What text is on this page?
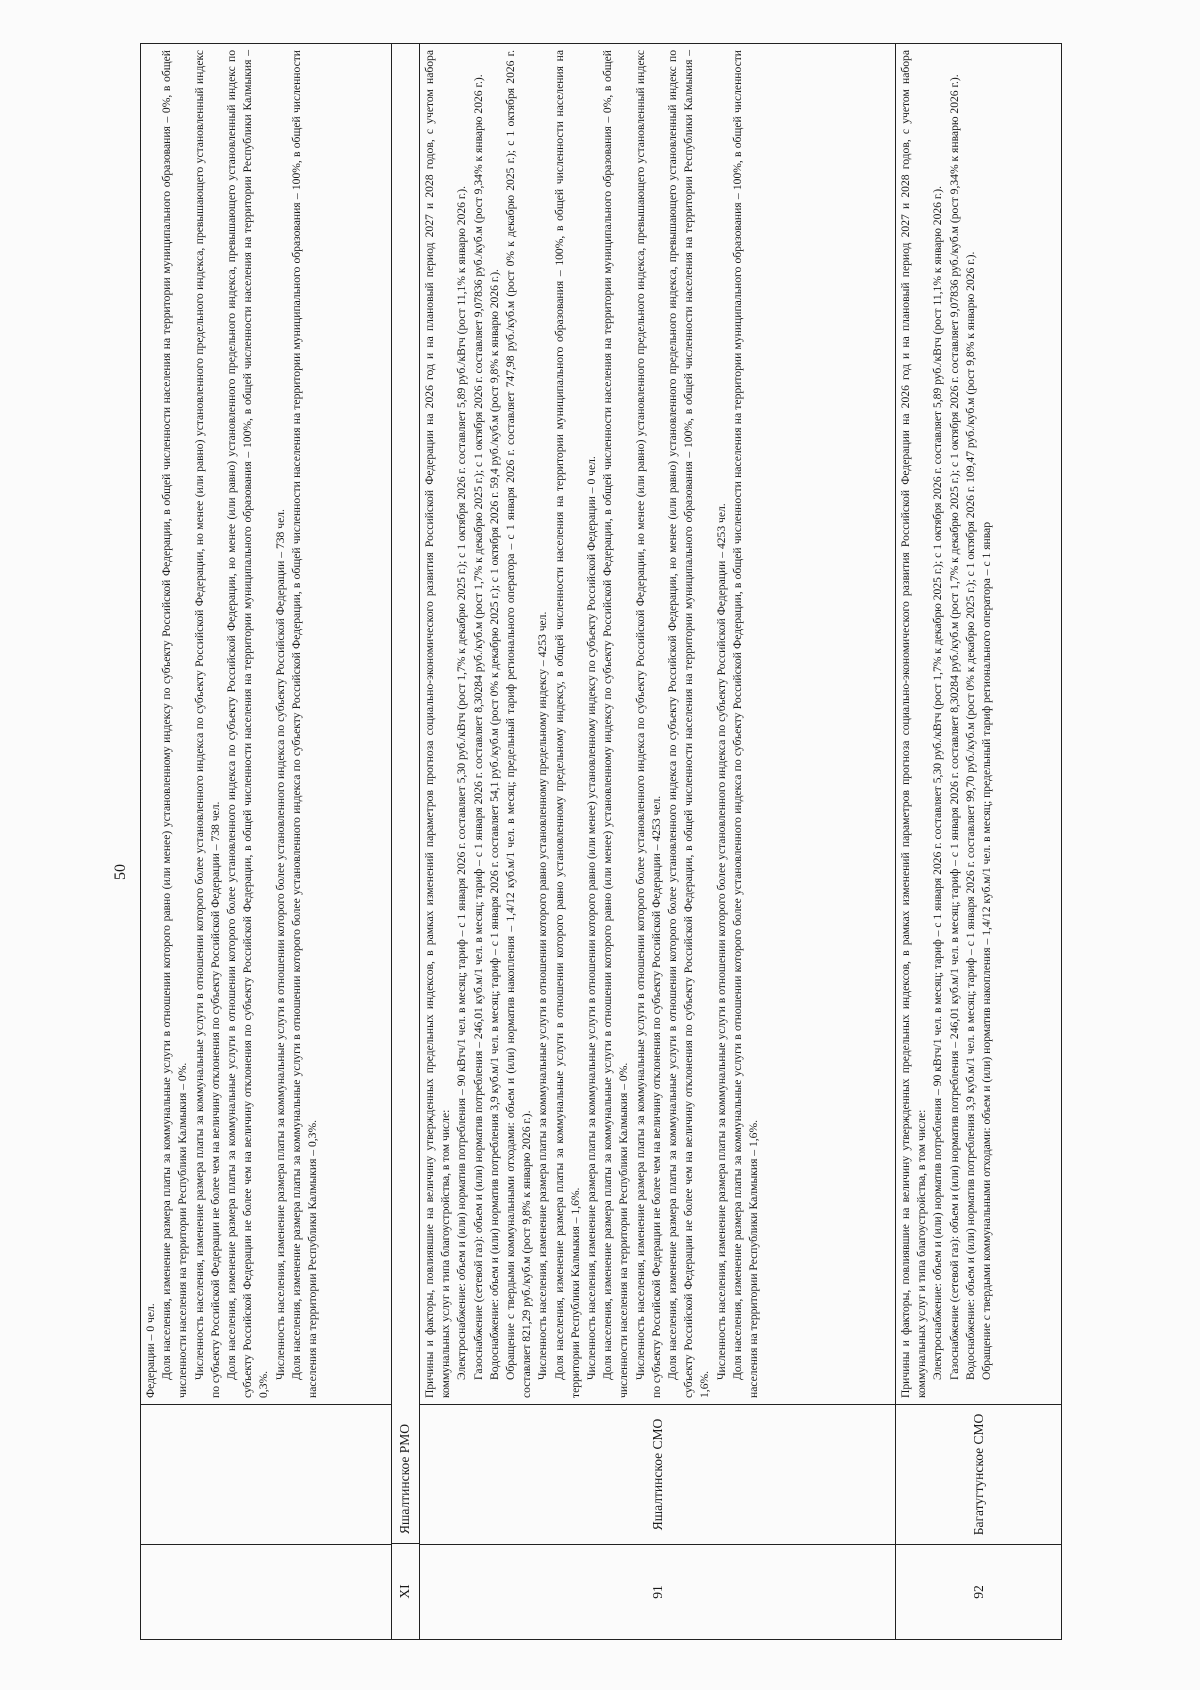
50

Федерации – 0 чел. Доля населения, изменение размера платы за коммунальные услуги в отношении которого равно (или менее) установленному индексу по субъекту Российской Федерации, в общей численности населения на территории муниципального образования – 0%, в общей численности населения на территории Республики Калмыкия – 0%. Численность населения, изменение размера платы за коммунальные услуги в отношении которого более установленного индекса по субъекту Российской Федерации, но менее (или равно) установленного предельного индекса, превышающего установленный индекс по субъекту Российской Федерации не более чем на величину отклонения по субъекту Российской Федерации – 738 чел. Доля населения, изменение размера платы за коммунальные услуги в отношении которого более установленного индекса по субъекту Российской Федерации, но менее (или равно) установленного предельного индекса, превышающего установленный индекс по субъекту Российской Федерации не более чем на величину отклонения по субъекту Российской Федерации, в общей численности населения на территории муниципального образования – 100%, в общей численности населения на территории Республики Калмыкия – 0,3%.

Численность населения, изменение размера платы за коммунальные услуги в отношении которого более установленного индекса по субъекту Российской Федерации – 738 чел. Доля населения, изменение размера платы за коммунальные услуги в отношении которого более установленного индекса по субъекту Российской Федерации, в общей численности населения на территории муниципального образования – 100%, в общей численности населения на территории Республики Калмыкия – 0,3%.

XI
Яшалтинское РМО
91
Яшалтинское СМО

Причины и факторы, повлиявшие на величину утвержденных предельных индексов, в рамках изменений параметров прогноза социально-экономического развития Российской Федерации на 2026 год и на плановый период 2027 и 2028 годов, с учетом набора коммунальных услуг и типа благоустройства, в том числе: Электроснабжение: объем и (или) норматив потребления – 90 кВтч/1 чел. в месяц; тариф – с 1 января 2026 г. составляет 5,30 руб./кВтч (рост 1,7% к декабрю 2025 г.); с 1 октября 2026 г. составляет 5,89 руб./кВтч (рост 11,1% к январю 2026 г.). Газоснабжение (сетевой газ): объем и (или) норматив потребления – 246,01 куб.м/1 чел. в месяц; тариф – с 1 января 2026 г. составляет 8,30284 руб./куб.м (рост 1,7% к декабрю 2025 г.); с 1 октября 2026 г. составляет 9,07836 руб./куб.м (рост 9,34% к январю 2026 г.). Водоснабжение: объем и (или) норматив потребления 3,9 куб.м/1 чел. в месяц; тариф – с 1 января 2026 г. составляет 54,1 руб./куб.м (рост 0% к декабрю 2025 г.); с 1 октября 2026 г. 59,4 руб./куб.м (рост 9,8% к январю 2026 г.). Обращение с твердыми коммунальными отходами: объем и (или) норматив накопления – 1,4/12 куб.м/1 чел. в месяц; предельный тариф регионального оператора – с 1 января 2026 г. составляет 747,98 руб./куб.м (рост 0% к декабрю 2025 г.); с 1 октября 2026 г. составляет 821,29 руб./куб.м (рост 9,8% к январю 2026 г.). Численность населения, изменение размера платы за коммунальные услуги в отношении которого равно установленному предельному индексу – 4253 чел. Доля населения, изменение размера платы за коммунальные услуги в отношении которого равно установленному предельному индексу, в общей численности населения на территории муниципального образования – 100%, в общей численности населения на территории Республики Калмыкия – 1,6%. Численность населения, изменение размера платы за коммунальные услуги в отношении которого равно (или менее) установленному индексу по субъекту Российской Федерации – 0 чел. Доля населения, изменение размера платы за коммунальные услуги в отношении которого равно (или менее) установленному индексу по субъекту Российской Федерации, в общей численности населения на территории муниципального образования – 0%, в общей численности населения на территории Республики Калмыкия – 0%. Численность населения, изменение размера платы за коммунальные услуги в отношении которого более установленного индекса по субъекту Российской Федерации, но менее (или равно) установленного предельного индекса, превышающего установленный индекс по субъекту Российской Федерации не более чем на величину отклонения по субъекту Российской Федерации – 4253 чел. Доля населения, изменение размера платы за коммунальные услуги в отношении которого более установленного индекса по субъекту Российской Федерации, но менее (или равно) установленного предельного индекса, превышающего установленный индекс по субъекту Российской Федерации не более чем на величину отклонения по субъекту Российской Федерации, в общей численности населения на территории муниципального образования – 100%, в общей численности населения на территории Республики Калмыкия – 1,6%.

Численность населения, изменение размера платы за коммунальные услуги в отношении которого более установленного индекса по субъекту Российской Федерации – 4253 чел. Доля населения, изменение размера платы за коммунальные услуги в отношении которого более установленного индекса по субъекту Российской Федерации, в общей численности населения на территории муниципального образования – 100%, в общей численности населения на территории Республики Калмыкия – 1,6%.

92
Багатугтунское СМО

Причины и факторы, повлиявшие на величину утвержденных предельных индексов, в рамках изменений параметров прогноза социально-экономического развития Российской Федерации на 2026 год и на плановый период 2027 и 2028 годов, с учетом набора коммунальных услуг и типа благоустройства, в том числе: Электроснабжение: объем и (или) норматив потребления – 90 кВтч/1 чел. в месяц; тариф – с 1 января 2026 г. составляет 5,30 руб./кВтч (рост 1,7% к декабрю 2025 г.); с 1 октября 2026 г. составляет 5,89 руб./кВтч (рост 11,1% к январю 2026 г.). Газоснабжение (сетевой газ): объем и (или) норматив потребления – 246,01 куб.м/1 чел. в месяц; тариф – с 1 января 2026 г. составляет 8,30284 руб./куб.м (рост 1,7% к декабрю 2025 г.); с 1 октября 2026 г. составляет 9,07836 руб./куб.м (рост 9,34% к январю 2026 г.). Водоснабжение: объем и (или) норматив потребления 3,9 куб.м/1 чел. в месяц; тариф – с 1 января 2026 г. составляет 99,70 руб./куб.м (рост 0% к декабрю 2025 г.); с 1 октября 2026 г. 109,47 руб./куб.м (рост 9,8% к январю 2026 г.). Обращение с твердыми коммунальными отходами: объем и (или) норматив накопления – 1,4/12 куб.м/1 чел. в месяц; предельный тариф регионального оператора – с 1 январ
